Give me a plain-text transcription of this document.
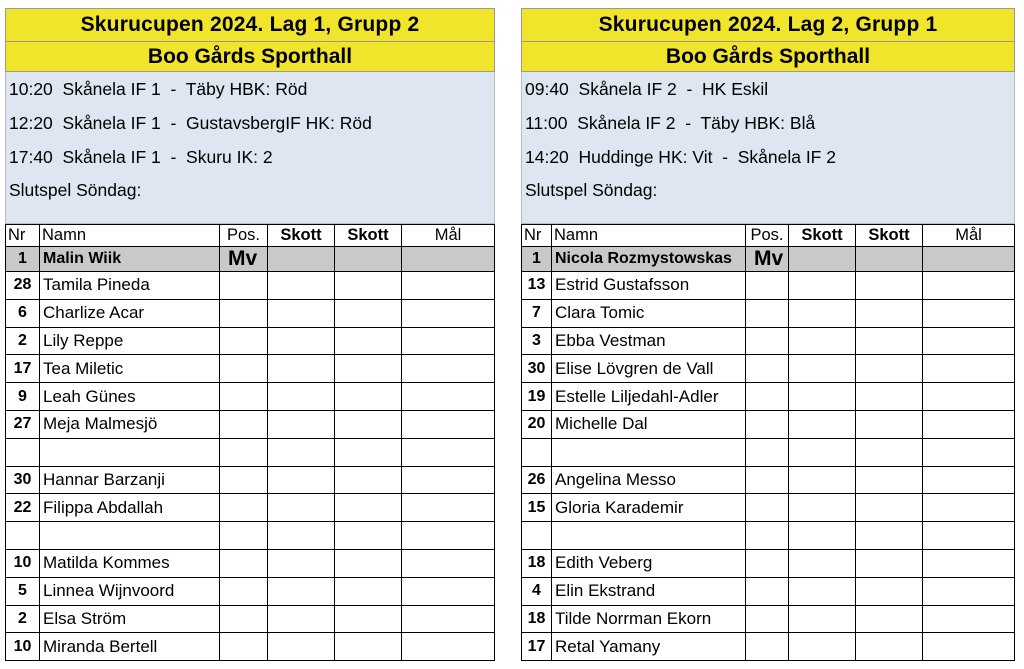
Skurucupen 2024. Lag 1, Grupp 2
Boo Gårds Sporthall
10:20  Skånela IF 1  -  Täby HBK: Röd
12:20  Skånela IF 1  -  GustavsbergIF HK: Röd
17:40  Skånela IF 1  -  Skuru IK: 2
Slutspel Söndag:
Nr	Namn	Pos.	Skott	Skott	Mål
1	Malin Wiik	Mv			
28	Tamila Pineda				
6	Charlize Acar				
2	Lily Reppe				
17	Tea Miletic				
9	Leah Günes				
27	Meja Malmesjö				

30	Hannar Barzanji				
22	Filippa Abdallah				

10	Matilda Kommes				
5	Linnea Wijnvoord				
2	Elsa Ström				
10	Miranda Bertell				
Skurucupen 2024. Lag 2, Grupp 1
Boo Gårds Sporthall
09:40  Skånela IF 2  -  HK Eskil
11:00  Skånela IF 2  -  Täby HBK: Blå
14:20  Huddinge HK: Vit  -  Skånela IF 2
Slutspel Söndag:
Nr	Namn	Pos.	Skott	Skott	Mål
1	Nicola Rozmystowskas	Mv			
13	Estrid Gustafsson				
7	Clara Tomic				
3	Ebba Vestman				
30	Elise Lövgren de Vall				
19	Estelle Liljedahl-Adler				
20	Michelle Dal				

26	Angelina Messo				
15	Gloria Karademir				

18	Edith Veberg				
4	Elin Ekstrand				
18	Tilde Norrman Ekorn				
17	Retal Yamany				
